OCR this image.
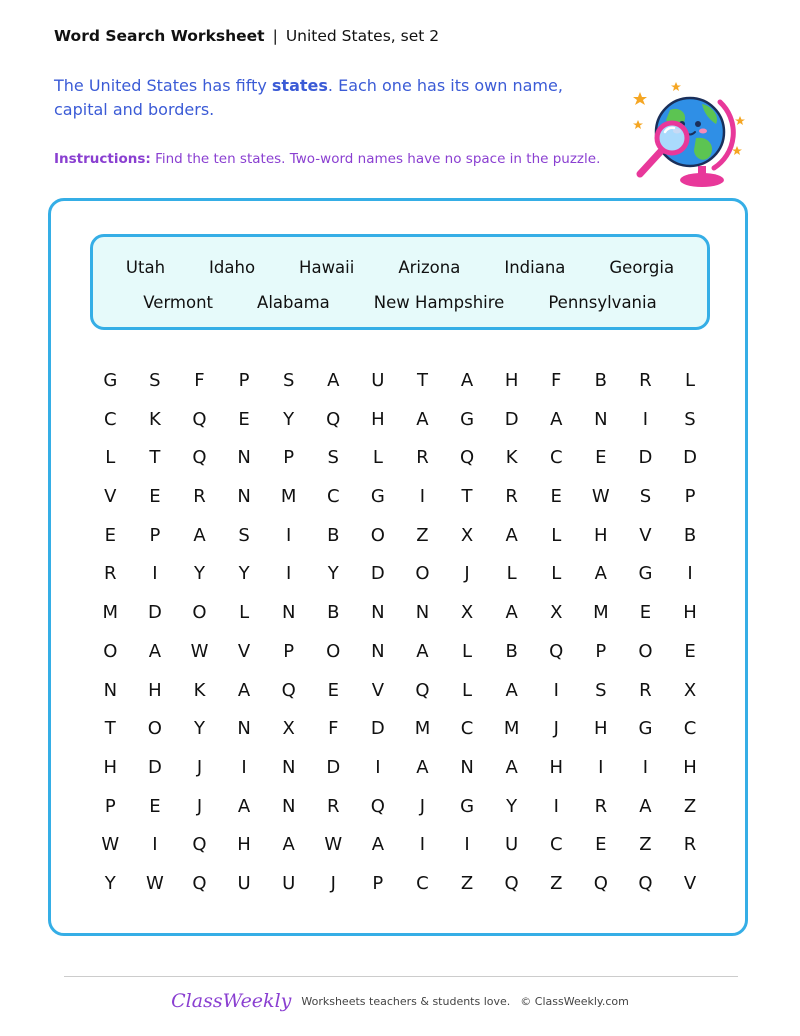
Word Search Worksheet | United States, set 2
The United States has fifty states. Each one has its own name, capital and borders.
Instructions: Find the ten states. Two-word names have no space in the puzzle.
Utah	Idaho	Hawaii	Arizona	Indiana	Georgia
Vermont	Alabama	New Hampshire	Pennsylvania
G	S	F	P	S	A	U	T	A	H	F	B	R	L
C	K	Q	E	Y	Q	H	A	G	D	A	N	I	S
L	T	Q	N	P	S	L	R	Q	K	C	E	D	D
V	E	R	N	M	C	G	I	T	R	E	W	S	P
E	P	A	S	I	B	O	Z	X	A	L	H	V	B
R	I	Y	Y	I	Y	D	O	J	L	L	A	G	I
M	D	O	L	N	B	N	N	X	A	X	M	E	H
O	A	W	V	P	O	N	A	L	B	Q	P	O	E
N	H	K	A	Q	E	V	Q	L	A	I	S	R	X
T	O	Y	N	X	F	D	M	C	M	J	H	G	C
H	D	J	I	N	D	I	A	N	A	H	I	I	H
P	E	J	A	N	R	Q	J	G	Y	I	R	A	Z
W	I	Q	H	A	W	A	I	I	U	C	E	Z	R
Y	W	Q	U	U	J	P	C	Z	Q	Z	Q	Q	V
ClassWeekly Worksheets teachers & students love. © ClassWeekly.com
